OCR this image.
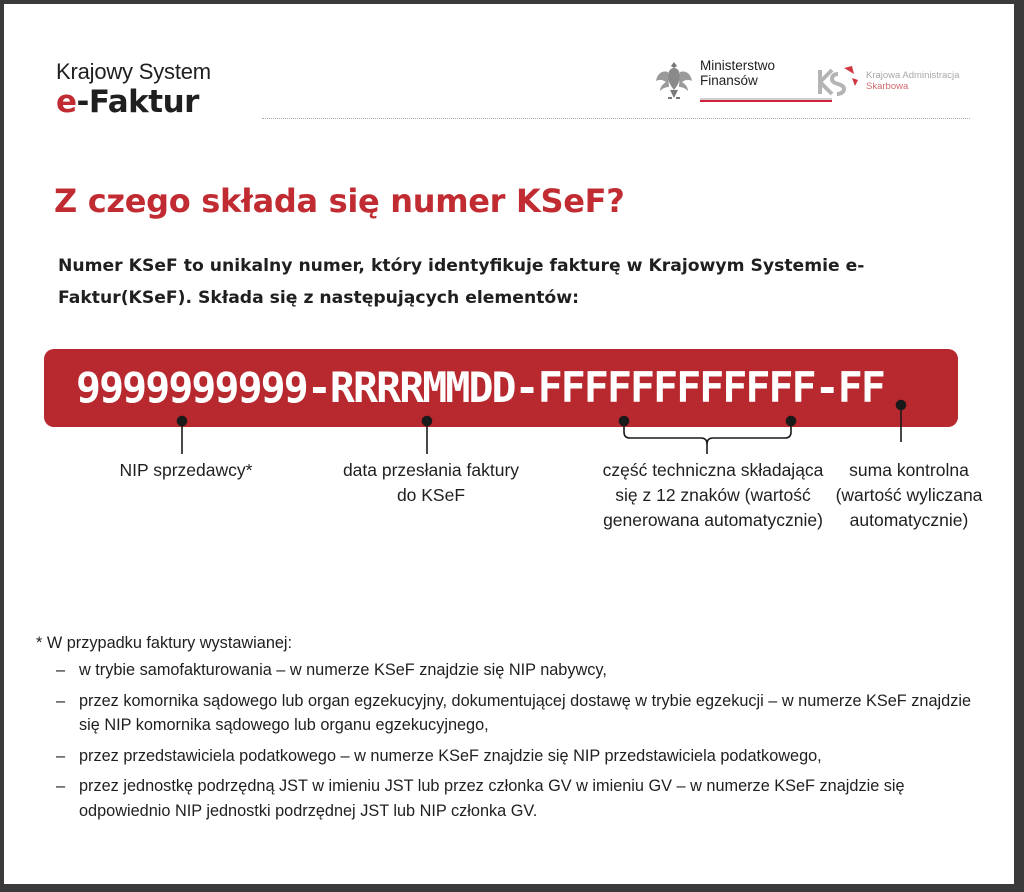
Krajowy System
e-Faktur
Ministerstwo
Finansów	Krajowa Administracja
Skarbowa
Z czego składa się numer KSeF?

Numer KSeF to unikalny numer, który identyfikuje fakturę w Krajowym Systemie e-Faktur(KSeF). Składa się z następujących elementów:

9999999999-RRRRMMDD-FFFFFFFFFFFF-FF

NIP sprzedawcy*	data przesłania faktury do KSeF

część techniczna składająca się z 12 znaków (wartość generowana automatycznie)

suma kontrolna (wartość wyliczana automatycznie)

* W przypadku faktury wystawianej:
– w trybie samofakturowania – w numerze KSeF znajdzie się NIP nabywcy,
– przez komornika sądowego lub organ egzekucyjny, dokumentującej dostawę w trybie egzekucji – w numerze KSeF znajdzie się NIP komornika sądowego lub organu egzekucyjnego,
– przez przedstawiciela podatkowego – w numerze KSeF znajdzie się NIP przedstawiciela podatkowego,
– przez jednostkę podrzędną JST w imieniu JST lub przez członka GV w imieniu GV – w numerze KSeF znajdzie się odpowiednio NIP jednostki podrzędnej JST lub NIP członka GV.
